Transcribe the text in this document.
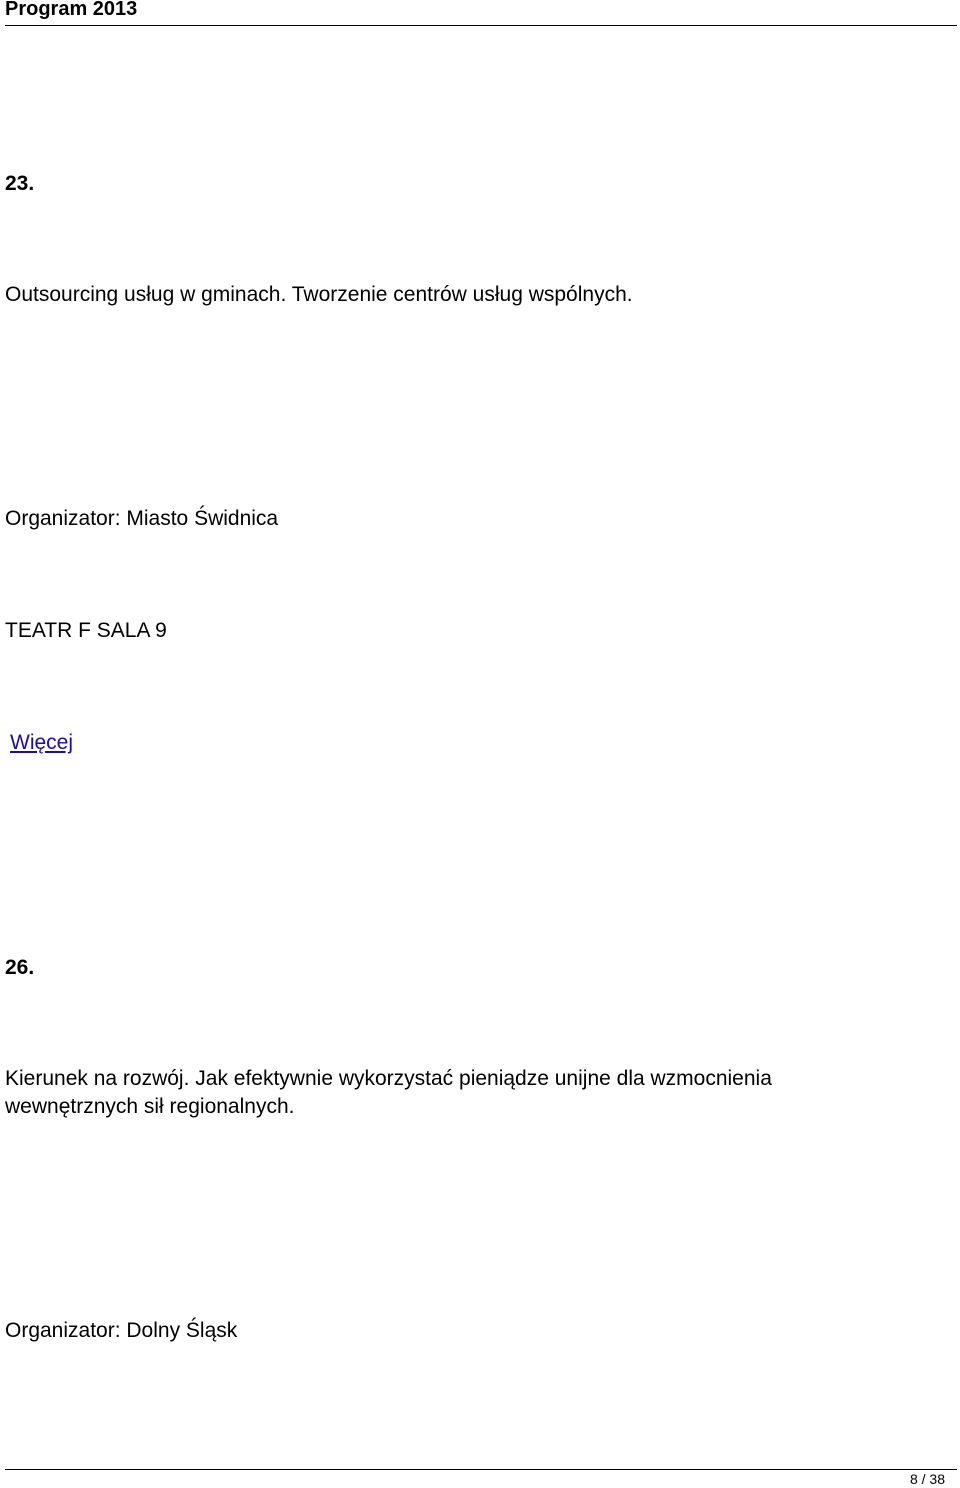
Program 2013
23.
Outsourcing usług w gminach. Tworzenie centrów usług wspólnych.
Organizator: Miasto Świdnica
TEATR F SALA 9
Więcej
26.
Kierunek na rozwój. Jak efektywnie wykorzystać pieniądze unijne dla wzmocnienia
wewnętrznych sił regionalnych.
Organizator: Dolny Śląsk
8 / 38
